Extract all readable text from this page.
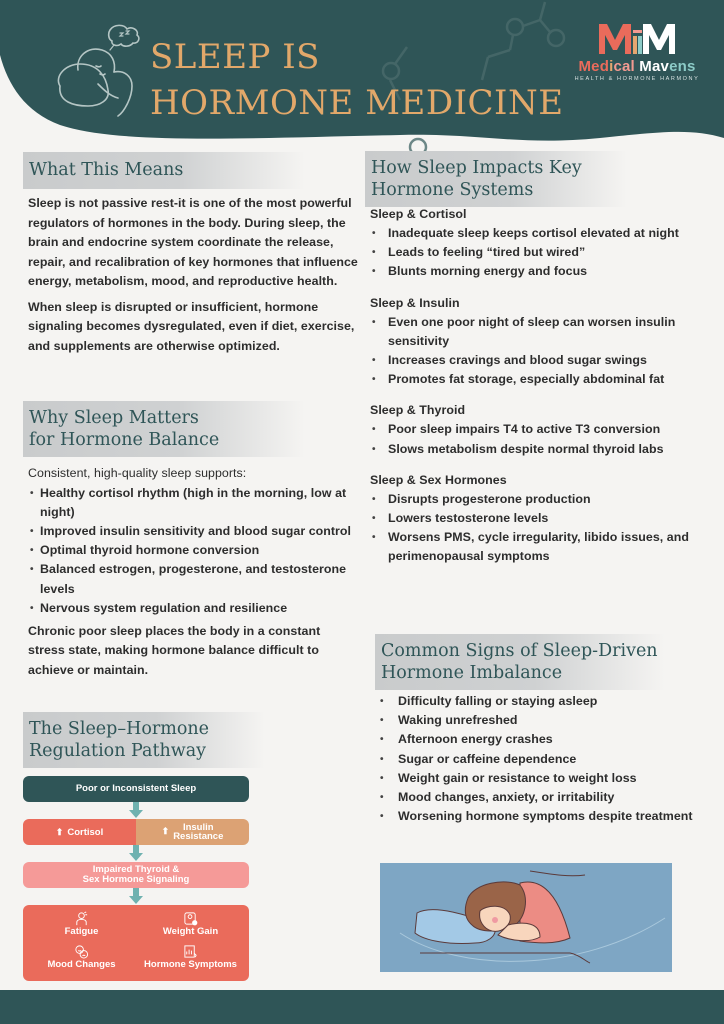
SLEEP IS
HORMONE MEDICINE
Medical Mavens
HEALTH & HORMONE HARMONY
What This Means

Sleep is not passive rest-it is one of the most powerful regulators of hormones in the body. During sleep, the brain and endocrine system coordinate the release, repair, and recalibration of key hormones that influence energy, metabolism, mood, and reproductive health.

When sleep is disrupted or insufficient, hormone signaling becomes dysregulated, even if diet, exercise, and supplements are otherwise optimized.

Why Sleep Matters
for Hormone Balance
Consistent, high-quality sleep supports:
• Healthy cortisol rhythm (high in the morning, low at night)
• Improved insulin sensitivity and blood sugar control
• Optimal thyroid hormone conversion
• Balanced estrogen, progesterone, and testosterone levels
• Nervous system regulation and resilience

Chronic poor sleep places the body in a constant stress state, making hormone balance difficult to achieve or maintain.

The Sleep–Hormone
Regulation Pathway
Poor or Inconsistent Sleep
⬆ Cortisol	⬆	Insulin
Resistance
Impaired Thyroid &
Sex Hormone Signaling
Fatigue	Weight Gain
Mood Changes	Hormone Symptoms
How Sleep Impacts Key
Hormone Systems
Sleep & Cortisol
• Inadequate sleep keeps cortisol elevated at night
• Leads to feeling “tired but wired”
• Blunts morning energy and focus
Sleep & Insulin
• Even one poor night of sleep can worsen insulin sensitivity
• Increases cravings and blood sugar swings
• Promotes fat storage, especially abdominal fat
Sleep & Thyroid
• Poor sleep impairs T4 to active T3 conversion
• Slows metabolism despite normal thyroid labs
Sleep & Sex Hormones
• Disrupts progesterone production
• Lowers testosterone levels
• Worsens PMS, cycle irregularity, libido issues, and perimenopausal symptoms
Common Signs of Sleep-Driven
Hormone Imbalance
• Difficulty falling or staying asleep
• Waking unrefreshed
• Afternoon energy crashes
• Sugar or caffeine dependence
• Weight gain or resistance to weight loss
• Mood changes, anxiety, or irritability
• Worsening hormone symptoms despite treatment
